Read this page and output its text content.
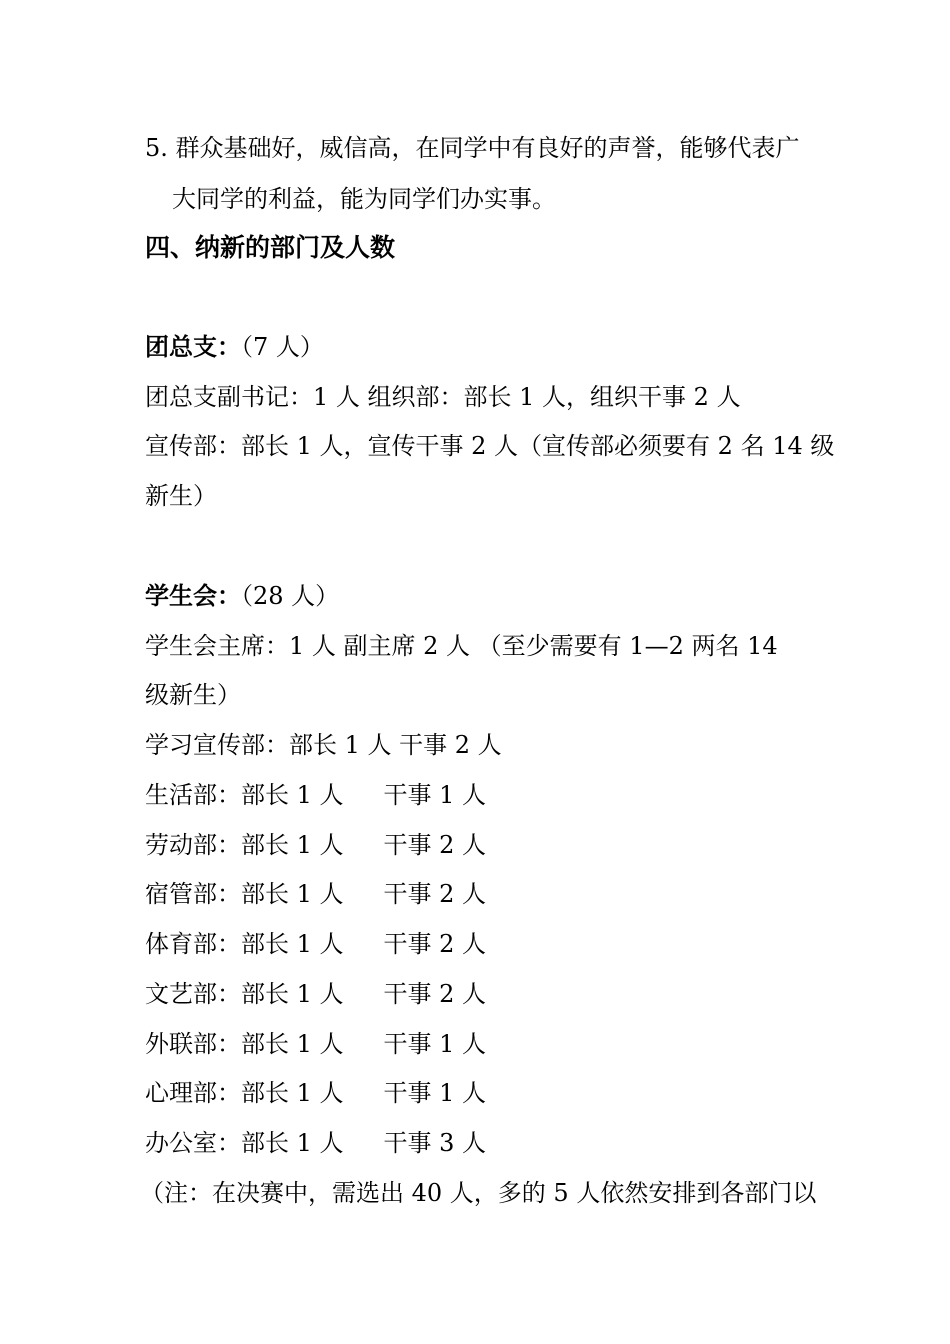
5. 群众基础好，威信高，在同学中有良好的声誉，能够代表广
大同学的利益，能为同学们办实事。
四、纳新的部门及人数
团总支：（7 人）
团总支副书记：1 人 组织部：部长 1 人，组织干事 2 人
宣传部：部长 1 人，宣传干事 2 人（宣传部必须要有 2 名 14 级
新生）
学生会：（28 人）
学生会主席：1 人 副主席 2 人 （至少需要有 1—2 两名 14
级新生）
学习宣传部：部长 1 人 干事 2 人
生活部：部长 1 人 干事 1 人
劳动部：部长 1 人 干事 2 人
宿管部：部长 1 人 干事 2 人
体育部：部长 1 人 干事 2 人
文艺部：部长 1 人 干事 2 人
外联部：部长 1 人 干事 1 人
心理部：部长 1 人 干事 1 人
办公室：部长 1 人 干事 3 人
（注：在决赛中，需选出 40 人，多的 5 人依然安排到各部门以
